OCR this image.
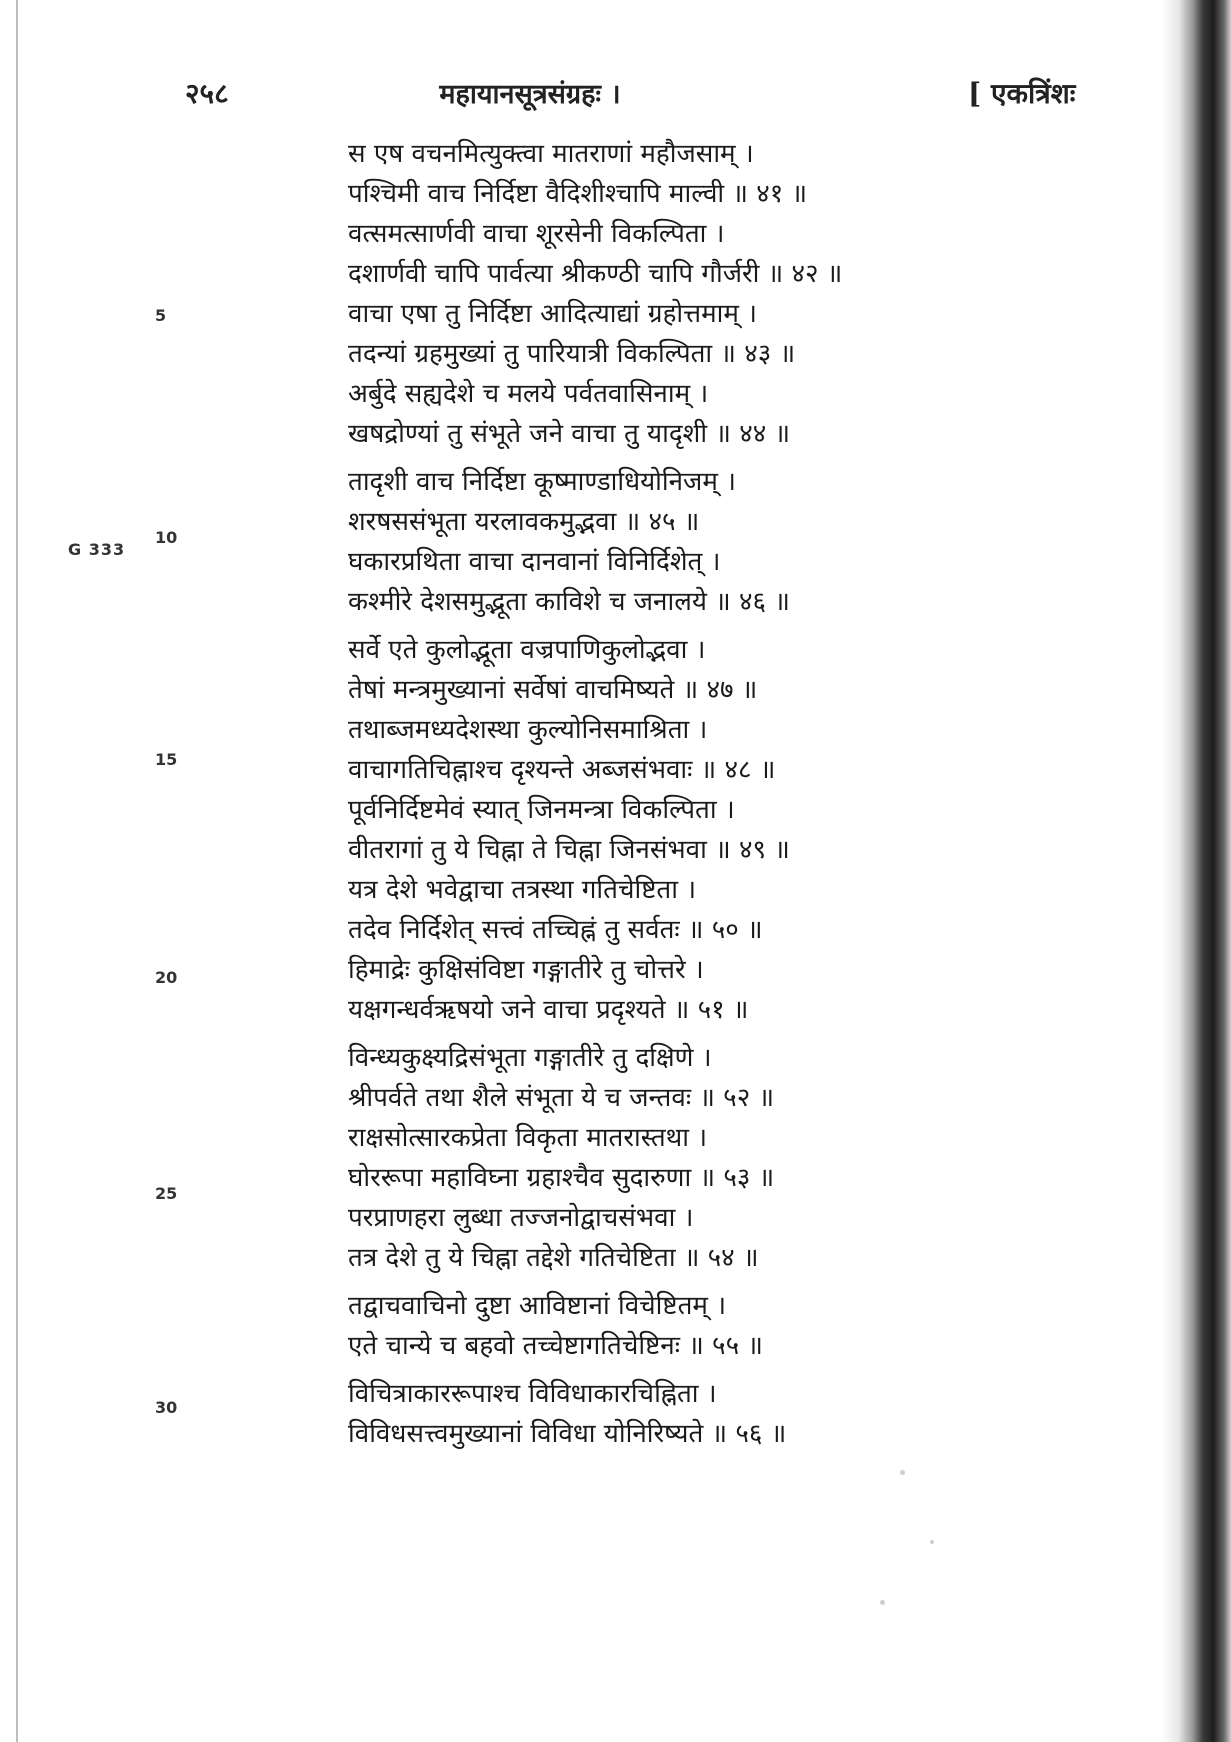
२५८	महायानसूत्रसंग्रहः ।	[ एकत्रिंशः
G 333
5
10
15
20
25
30
स एष वचनमित्युक्त्वा मातराणां महौजसाम् ।
पश्चिमी वाच निर्दिष्टा वैदिशीश्चापि माल्वी ॥ ४१ ॥
वत्समत्सार्णवी वाचा शूरसेनी विकल्पिता ।
दशार्णवी चापि पार्वत्या श्रीकण्ठी चापि गौर्जरी ॥ ४२ ॥
वाचा एषा तु निर्दिष्टा आदित्याद्यां ग्रहोत्तमाम् ।
तदन्यां ग्रहमुख्यां तु पारियात्री विकल्पिता ॥ ४३ ॥
अर्बुदे सह्यदेशे च मलये पर्वतवासिनाम् ।
खषद्रोण्यां तु संभूते जने वाचा तु यादृशी ॥ ४४ ॥
तादृशी वाच निर्दिष्टा कूष्माण्डाधियोनिजम् ।
शरषससंभूता यरलावकमुद्भवा ॥ ४५ ॥
घकारप्रथिता वाचा दानवानां विनिर्दिशेत् ।
कश्मीरे देशसमुद्भूता काविशे च जनालये ॥ ४६ ॥
सर्वे एते कुलोद्भूता वज्रपाणिकुलोद्भवा ।
तेषां मन्त्रमुख्यानां सर्वेषां वाचमिष्यते ॥ ४७ ॥
तथाब्जमध्यदेशस्था कुल्योनिसमाश्रिता ।
वाचागतिचिह्नाश्च दृश्यन्ते अब्जसंभवाः ॥ ४८ ॥
पूर्वनिर्दिष्टमेवं स्यात् जिनमन्त्रा विकल्पिता ।
वीतरागां तु ये चिह्ना ते चिह्ना जिनसंभवा ॥ ४९ ॥
यत्र देशे भवेद्वाचा तत्रस्था गतिचेष्टिता ।
तदेव निर्दिशेत् सत्त्वं तच्चिह्नं तु सर्वतः ॥ ५० ॥
हिमाद्रेः कुक्षिसंविष्टा गङ्गातीरे तु चोत्तरे ।
यक्षगन्धर्वऋषयो जने वाचा प्रदृश्यते ॥ ५१ ॥
विन्ध्यकुक्ष्यद्रिसंभूता गङ्गातीरे तु दक्षिणे ।
श्रीपर्वते तथा शैले संभूता ये च जन्तवः ॥ ५२ ॥
राक्षसोत्सारकप्रेता विकृता मातरास्तथा ।
घोररूपा महाविघ्ना ग्रहाश्चैव सुदारुणा ॥ ५३ ॥
परप्राणहरा लुब्धा तज्जनोद्वाचसंभवा ।
तत्र देशे तु ये चिह्ना तद्देशे गतिचेष्टिता ॥ ५४ ॥
तद्वाचवाचिनो दुष्टा आविष्टानां विचेष्टितम् ।
एते चान्ये च बहवो तच्चेष्टागतिचेष्टिनः ॥ ५५ ॥
विचित्राकाररूपाश्च विविधाकारचिह्निता ।
विविधसत्त्वमुख्यानां विविधा योनिरिष्यते ॥ ५६ ॥
